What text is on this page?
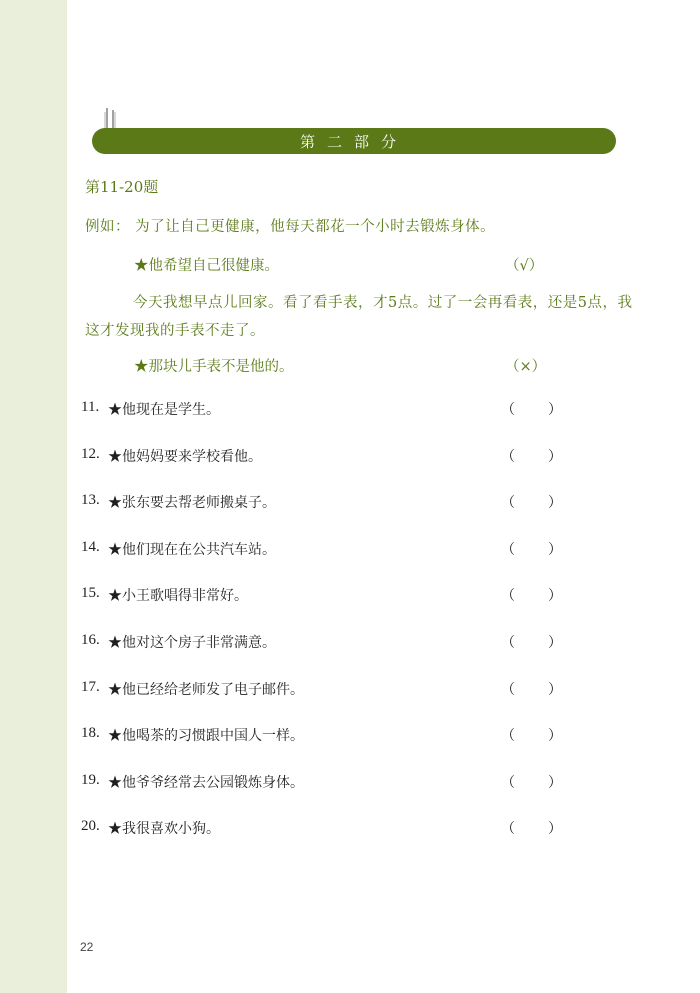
第二部分
第11-20题
例如： 为了让自己更健康，他每天都花一个小时去锻炼身体。
★他希望自己很健康。	（√）
今天我想早点儿回家。看了看手表，才5点。过了一会再看表，还是5点，我这才发现我的手表不走了。
★那块儿手表不是他的。	（×）
11. ★他现在是学生。	（ ）
12. ★他妈妈要来学校看他。	（ ）
13. ★张东要去帮老师搬桌子。	（ ）
14. ★他们现在在公共汽车站。	（ ）
15. ★小王歌唱得非常好。	（ ）
16. ★他对这个房子非常满意。	（ ）
17. ★他已经给老师发了电子邮件。	（ ）
18. ★他喝茶的习惯跟中国人一样。	（ ）
19. ★他爷爷经常去公园锻炼身体。	（ ）
20. ★我很喜欢小狗。	（ ）
22
